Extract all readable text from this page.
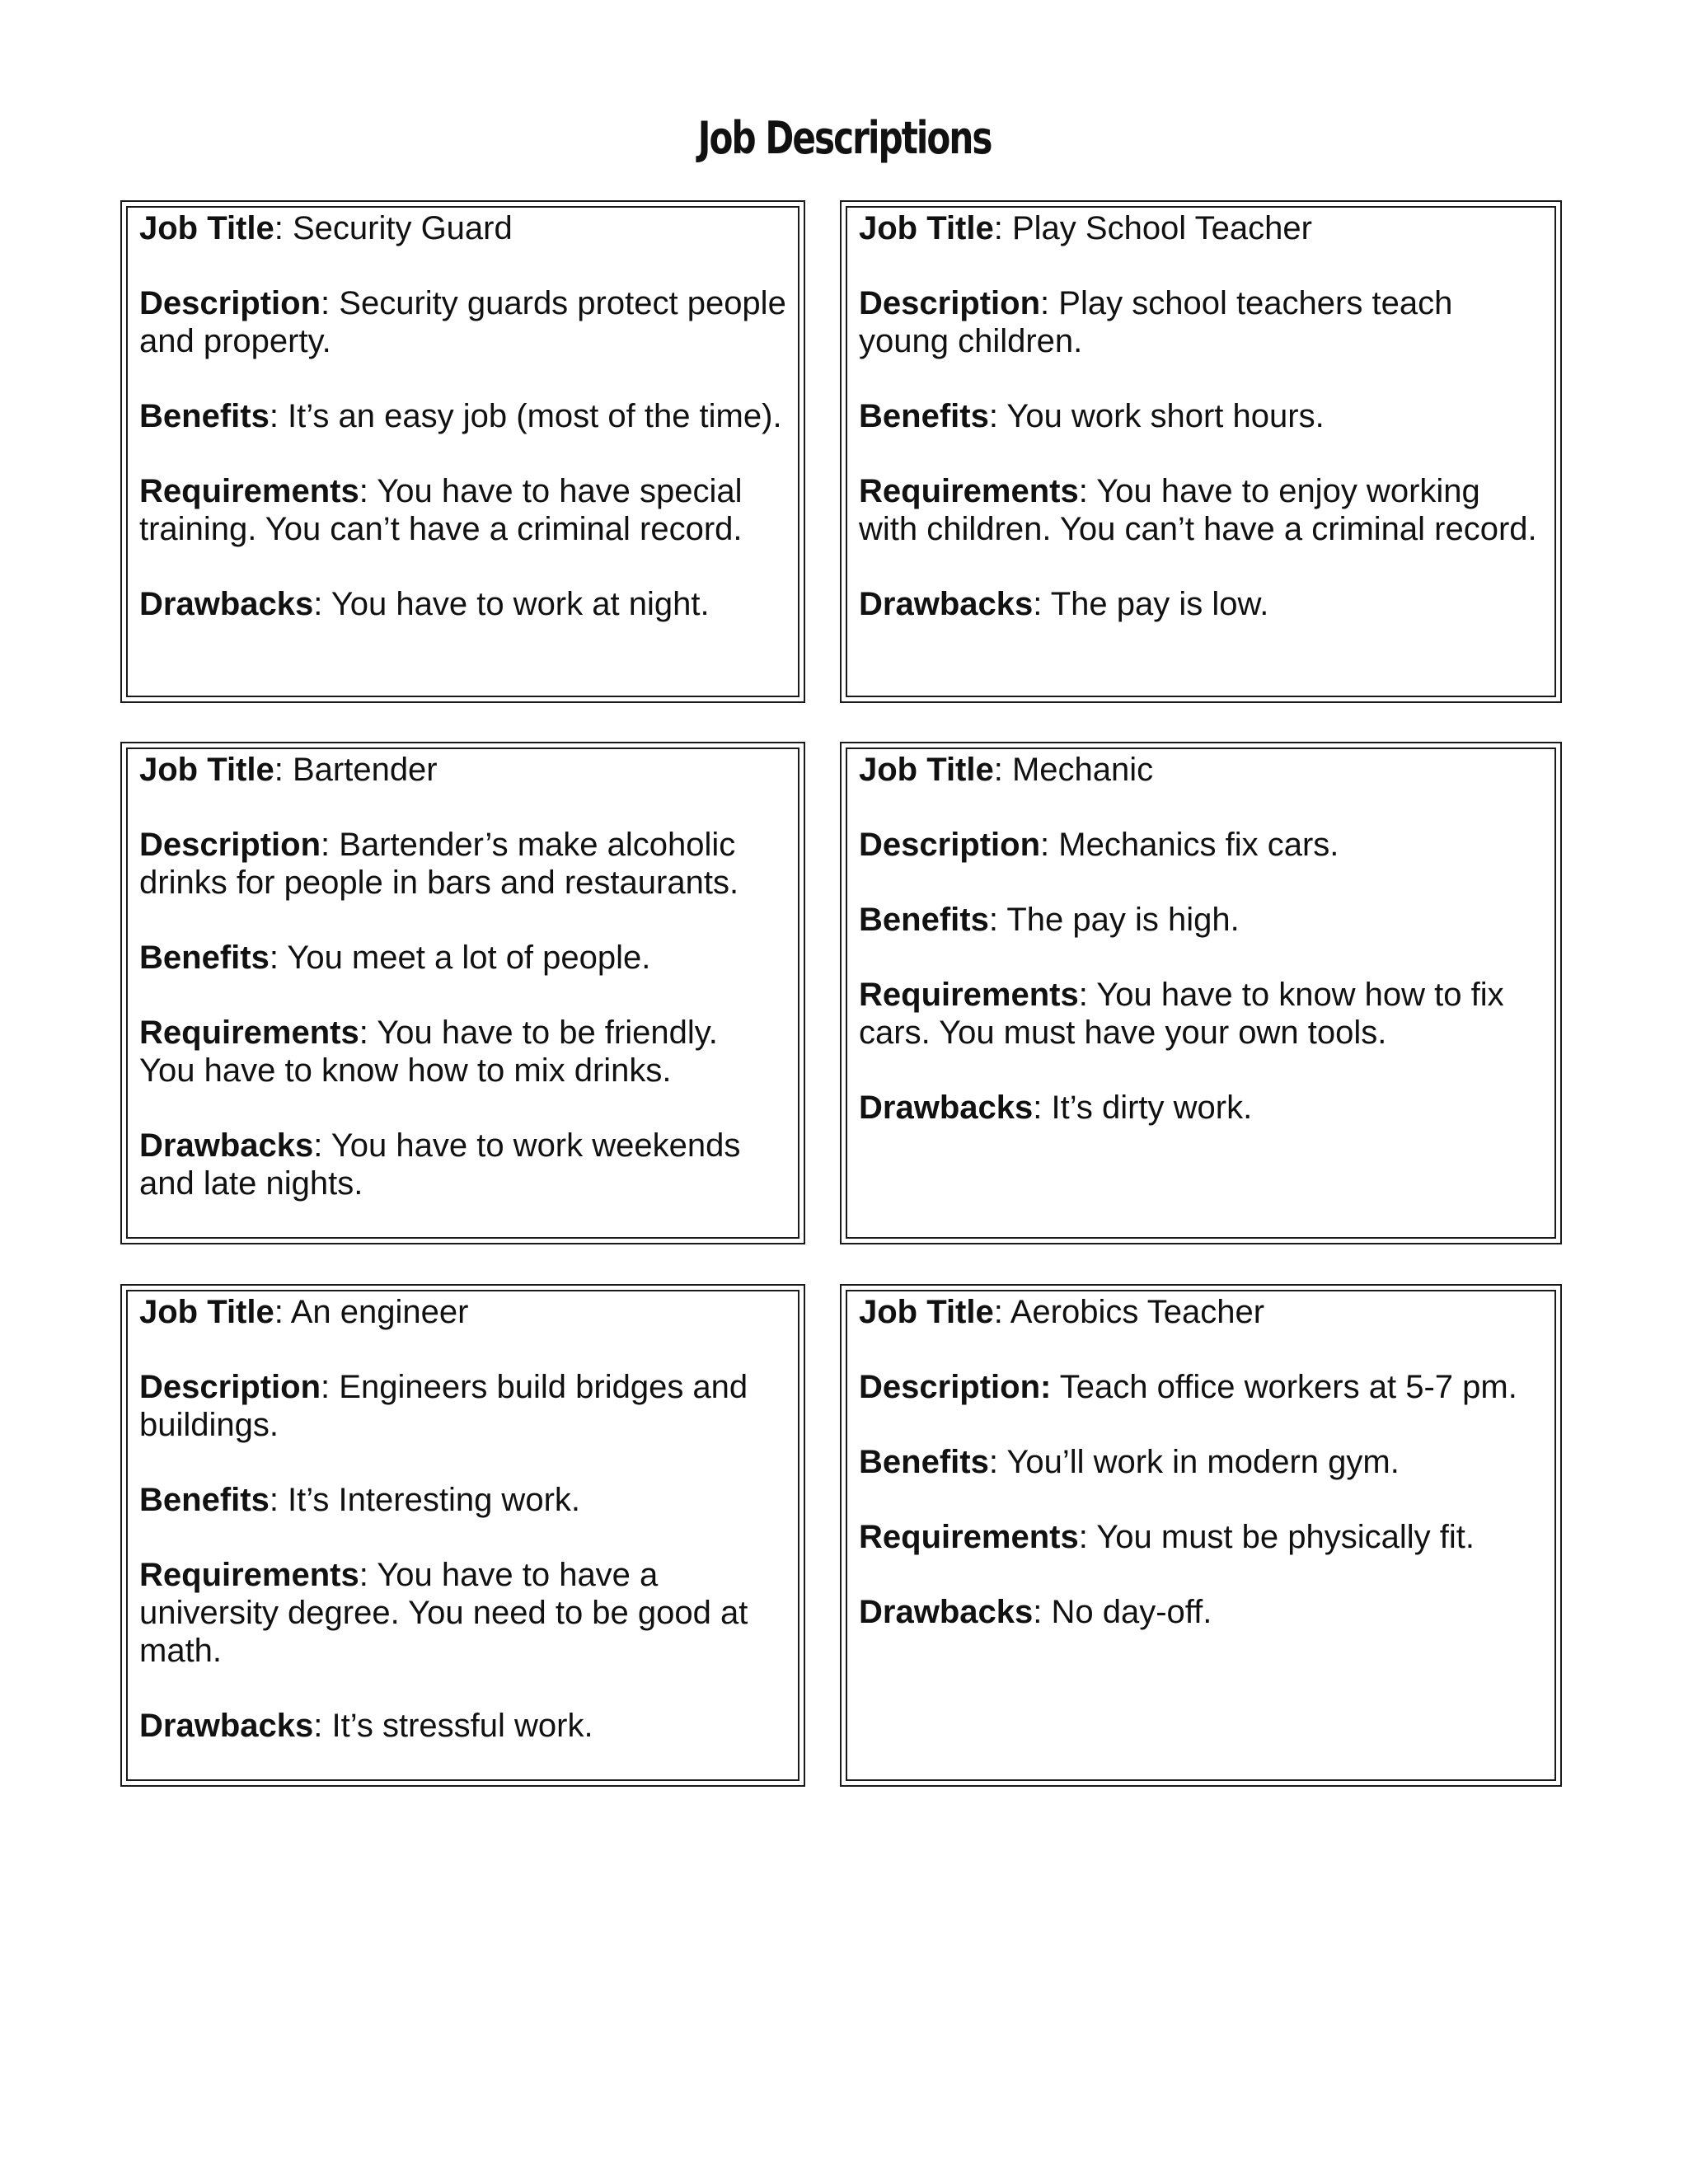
Job Descriptions

Job Title: Security Guard

Description: Security guards protect people
and property.

Benefits: It’s an easy job (most of the time).

Requirements: You have to have special
training. You can’t have a criminal record.

Drawbacks: You have to work at night.

Job Title: Play School Teacher

Description: Play school teachers teach
young children.

Benefits: You work short hours.

Requirements: You have to enjoy working
with children. You can’t have a criminal record.

Drawbacks: The pay is low.

Job Title: Bartender

Description: Bartender’s make alcoholic
drinks for people in bars and restaurants.

Benefits: You meet a lot of people.

Requirements: You have to be friendly.
You have to know how to mix drinks.

Drawbacks: You have to work weekends
and late nights.

Job Title: Mechanic

Description: Mechanics fix cars.

Benefits: The pay is high.

Requirements: You have to know how to fix
cars. You must have your own tools.

Drawbacks: It’s dirty work.

Job Title: An engineer

Description: Engineers build bridges and
buildings.

Benefits: It’s Interesting work.

Requirements: You have to have a
university degree. You need to be good at
math.

Drawbacks: It’s stressful work.

Job Title: Aerobics Teacher

Description: Teach office workers at 5-7 pm.

Benefits: You’ll work in modern gym.

Requirements: You must be physically fit.

Drawbacks: No day-off.
